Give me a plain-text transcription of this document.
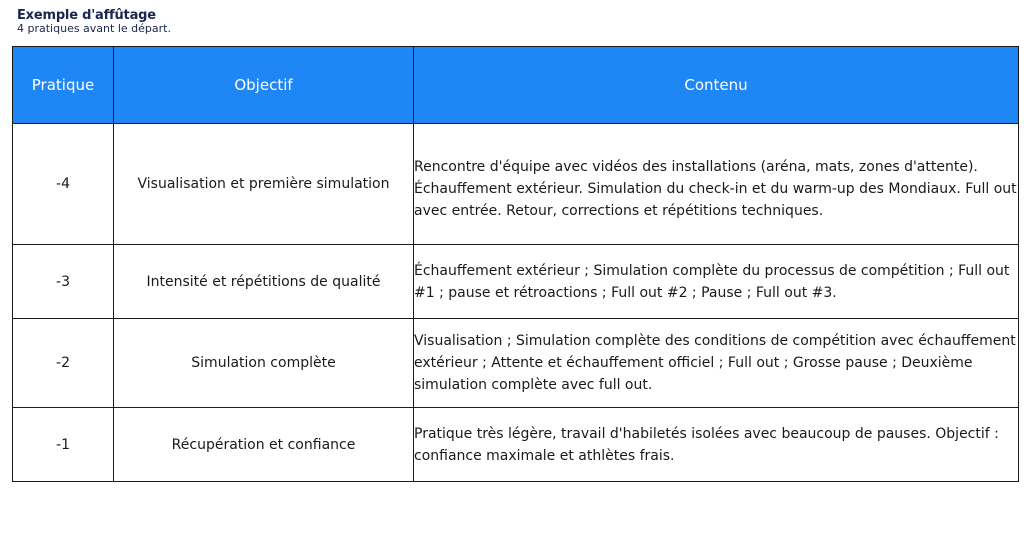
Exemple d'affûtage
4 pratiques avant le départ.
Pratique	Objectif	Contenu
-4	Visualisation et première simulation	Rencontre d'équipe avec vidéos des installations (aréna, mats, zones d'attente). Échauffement extérieur. Simulation du check-in et du warm-up des Mondiaux. Full out avec entrée. Retour, corrections et répétitions techniques.
-3	Intensité et répétitions de qualité	Échauffement extérieur ; Simulation complète du processus de compétition ; Full out #1 ; pause et rétroactions ; Full out #2 ; Pause ; Full out #3.
-2	Simulation complète	Visualisation ; Simulation complète des conditions de compétition avec échauffement extérieur ; Attente et échauffement officiel ; Full out ; Grosse pause ; Deuxième simulation complète avec full out.
-1	Récupération et confiance	Pratique très légère, travail d'habiletés isolées avec beaucoup de pauses. Objectif : confiance maximale et athlètes frais.
